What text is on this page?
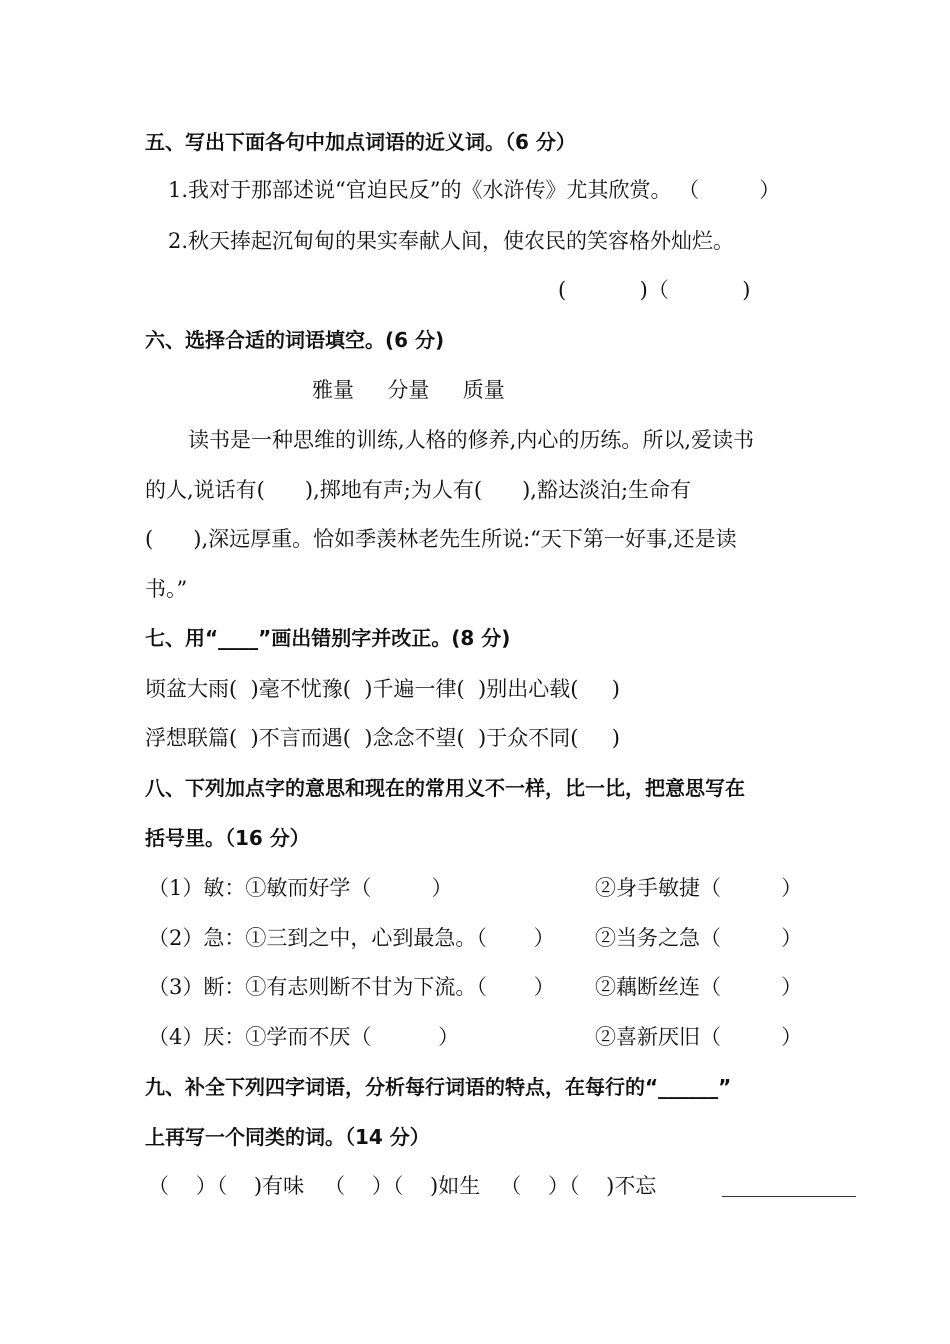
五、写出下面各句中加点词语的近义词。（6 分）
1.我对于那部述说“官迫民反”的《水浒传》尤其欣赏。 （         ）
2.秋天捧起沉甸甸的果实奉献人间，使农民的笑容格外灿烂。
(           )（           )
六、选择合适的词语填空。(6 分)
雅量     分量     质量
读书是一种思维的训练,人格的修养,内心的历练。所以,爱读书
的人,说话有(      ),掷地有声;为人有(      ),豁达淡泊;生命有
(      ),深远厚重。恰如季羡林老先生所说:“天下第一好事,还是读
书。”
七、用“____”画出错别字并改正。(8 分)
顷盆大雨(  )毫不忧豫(  )千遍一律(  )别出心载(     )
浮想联篇(  )不言而遇(  )念念不望(  )于众不同(     )
八、下列加点字的意思和现在的常用义不一样，比一比，把意思写在
括号里。（16 分）
（1）敏：①敏而好学（         ）	②身手敏捷（         ）
（2）急：①三到之中，心到最急。（       ） ②当务之急（         ）
（3）断：①有志则断不甘为下流。（       ） ②藕断丝连（         ）
（4）厌：①学而不厌（          ）	②喜新厌旧（         ）
九、补全下列四字词语，分析每行词语的特点，在每行的“______”
上再写一个同类的词。（14 分）
（    ）（    )有味   （    ）（    )如生   （    ）（    )不忘
